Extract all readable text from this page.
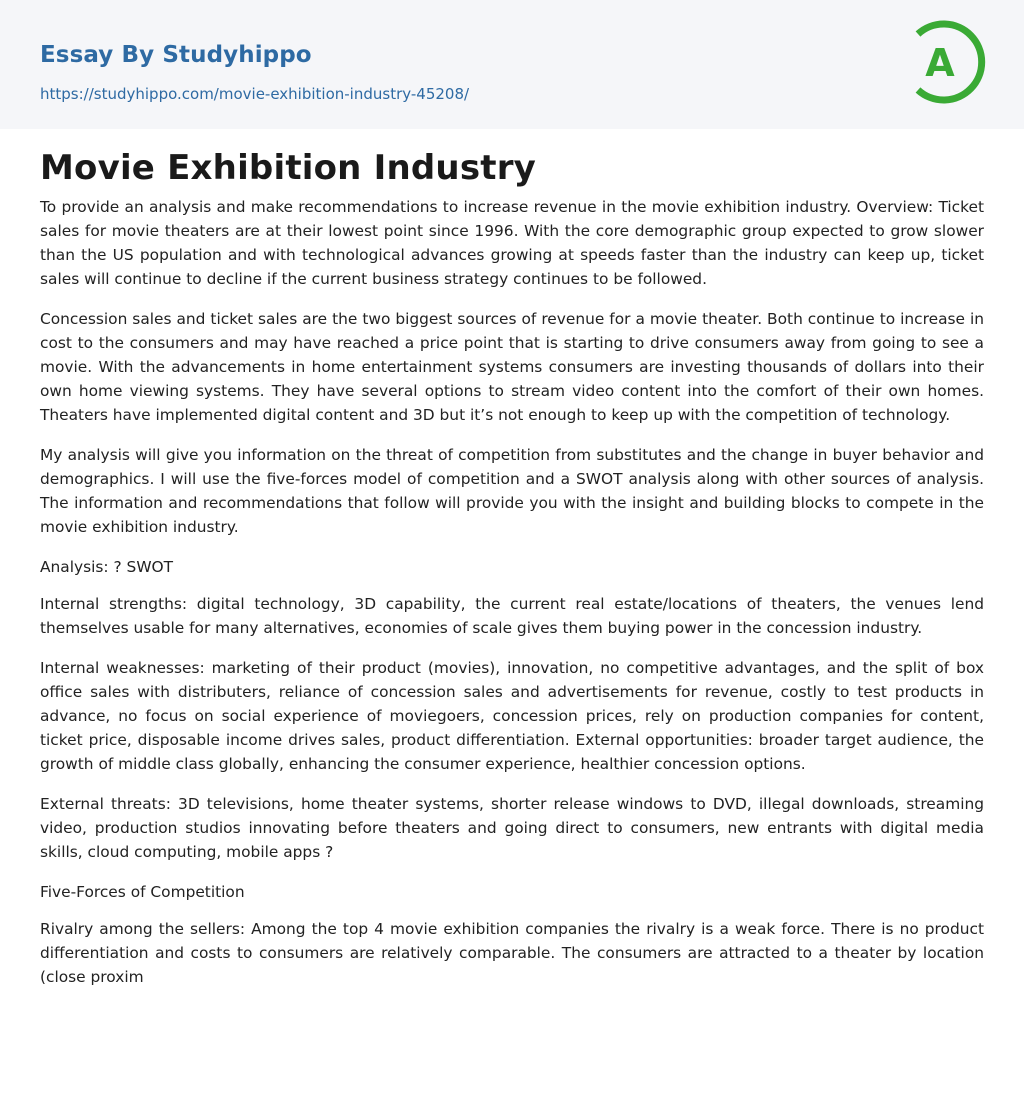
Essay By Studyhippo
https://studyhippo.com/movie-exhibition-industry-45208/
A
Movie Exhibition Industry

To provide an analysis and make recommendations to increase revenue in the movie exhibition industry. Overview: Ticket sales for movie theaters are at their lowest point since 1996. With the core demographic group expected to grow slower than the US population and with technological advances growing at speeds faster than the industry can keep up, ticket sales will continue to decline if the current business strategy continues to be followed.

Concession sales and ticket sales are the two biggest sources of revenue for a movie theater. Both continue to increase in cost to the consumers and may have reached a price point that is starting to drive consumers away from going to see a movie. With the advancements in home entertainment systems consumers are investing thousands of dollars into their own home viewing systems. They have several options to stream video content into the comfort of their own homes. Theaters have implemented digital content and 3D but it’s not enough to keep up with the competition of technology.

My analysis will give you information on the threat of competition from substitutes and the change in buyer behavior and demographics. I will use the five-forces model of competition and a SWOT analysis along with other sources of analysis. The information and recommendations that follow will provide you with the insight and building blocks to compete in the movie exhibition industry.

Analysis: ? SWOT

Internal strengths: digital technology, 3D capability, the current real estate/locations of theaters, the venues lend themselves usable for many alternatives, economies of scale gives them buying power in the concession industry.

Internal weaknesses: marketing of their product (movies), innovation, no competitive advantages, and the split of box office sales with distributers, reliance of concession sales and advertisements for revenue, costly to test products in advance, no focus on social experience of moviegoers, concession prices, rely on production companies for content, ticket price, disposable income drives sales, product differentiation. External opportunities: broader target audience, the growth of middle class globally, enhancing the consumer experience, healthier concession options.

External threats: 3D televisions, home theater systems, shorter release windows to DVD, illegal downloads, streaming video, production studios innovating before theaters and going direct to consumers, new entrants with digital media skills, cloud computing, mobile apps ?

Five-Forces of Competition

Rivalry among the sellers: Among the top 4 movie exhibition companies the rivalry is a weak force. There is no product differentiation and costs to consumers are relatively comparable. The consumers are attracted to a theater by location (close proxim
